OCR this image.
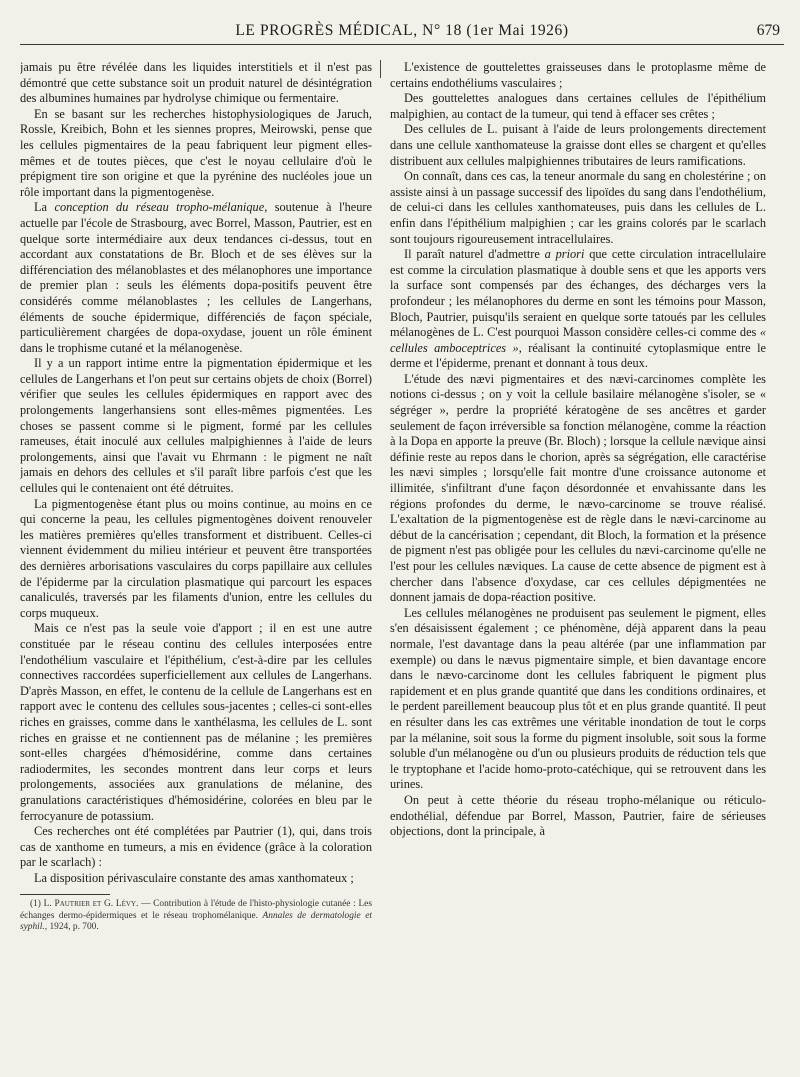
LE PROGRÈS MÉDICAL, N° 18 (1er Mai 1926)	679

jamais pu être révélée dans les liquides interstitiels et il n'est pas démontré que cette substance soit un produit naturel de désintégration des albumines humaines par hydrolyse chimique ou fermentaire.

En se basant sur les recherches histophysiologiques de Jaruch, Rossle, Kreibich, Bohn et les siennes propres, Meirowski, pense que les cellules pigmentaires de la peau fabriquent leur pigment elles-mêmes et de toutes pièces, que c'est le noyau cellulaire d'où le prépigment tire son origine et que la pyrénine des nucléoles joue un rôle important dans la pigmentogenèse.

La conception du réseau tropho-mélanique, soutenue à l'heure actuelle par l'école de Strasbourg, avec Borrel, Masson, Pautrier, est en quelque sorte intermédiaire aux deux tendances ci-dessus, tout en accordant aux constatations de Br. Bloch et de ses élèves sur la différenciation des mélanoblastes et des mélanophores une importance de premier plan : seuls les éléments dopa-positifs peuvent être considérés comme mélanoblastes ; les cellules de Langerhans, éléments de souche épidermique, différenciés de façon spéciale, particulièrement chargées de dopa-oxydase, jouent un rôle éminent dans le trophisme cutané et la mélanogenèse.

Il y a un rapport intime entre la pigmentation épidermique et les cellules de Langerhans et l'on peut sur certains objets de choix (Borrel) vérifier que seules les cellules épidermiques en rapport avec des prolongements langerhansiens sont elles-mêmes pigmentées. Les choses se passent comme si le pigment, formé par les cellules rameuses, était inoculé aux cellules malpighiennes à l'aide de leurs prolongements, ainsi que l'avait vu Ehrmann : le pigment ne naît jamais en dehors des cellules et s'il paraît libre parfois c'est que les cellules qui le contenaient ont été détruites.

La pigmentogenèse étant plus ou moins continue, au moins en ce qui concerne la peau, les cellules pigmentogènes doivent renouveler les matières premières qu'elles transforment et distribuent. Celles-ci viennent évidemment du milieu intérieur et peuvent être transportées des dernières arborisations vasculaires du corps papillaire aux cellules de l'épiderme par la circulation plasmatique qui parcourt les espaces canaliculés, traversés par les filaments d'union, entre les cellules du corps muqueux.

Mais ce n'est pas la seule voie d'apport ; il en est une autre constituée par le réseau continu des cellules interposées entre l'endothélium vasculaire et l'épithélium, c'est-à-dire par les cellules connectives raccordées superficiellement aux cellules de Langerhans. D'après Masson, en effet, le contenu de la cellule de Langerhans est en rapport avec le contenu des cellules sous-jacentes ; celles-ci sont-elles riches en graisses, comme dans le xanthélasma, les cellules de L. sont riches en graisse et ne contiennent pas de mélanine ; les premières sont-elles chargées d'hémosidérine, comme dans certaines radiodermites, les secondes montrent dans leur corps et leurs prolongements, associées aux granulations de mélanine, des granulations caractéristiques d'hémosidérine, colorées en bleu par le ferrocyanure de potassium.

Ces recherches ont été complétées par Pautrier (1), qui, dans trois cas de xanthome en tumeurs, a mis en évidence (grâce à la coloration par le scarlach) :

La disposition périvasculaire constante des amas xanthomateux ;

(1) L. Pautrier et G. Lévy. — Contribution à l'étude de l'histo-physiologie cutanée : Les échanges dermo-épidermiques et le réseau trophomélanique. Annales de dermatologie et syphil., 1924, p. 700.

L'existence de gouttelettes graisseuses dans le protoplasme même de certains endothéliums vasculaires ;

Des gouttelettes analogues dans certaines cellules de l'épithélium malpighien, au contact de la tumeur, qui tend à effacer ses crêtes ;

Des cellules de L. puisant à l'aide de leurs prolongements directement dans une cellule xanthomateuse la graisse dont elles se chargent et qu'elles distribuent aux cellules malpighiennes tributaires de leurs ramifications.

On connaît, dans ces cas, la teneur anormale du sang en cholestérine ; on assiste ainsi à un passage successif des lipoïdes du sang dans l'endothélium, de celui-ci dans les cellules xanthomateuses, puis dans les cellules de L. enfin dans l'épithélium malpighien ; car les grains colorés par le scarlach sont toujours rigoureusement intracellulaires.

Il paraît naturel d'admettre a priori que cette circulation intracellulaire est comme la circulation plasmatique à double sens et que les apports vers la surface sont compensés par des échanges, des décharges vers la profondeur ; les mélanophores du derme en sont les témoins pour Masson, Bloch, Pautrier, puisqu'ils seraient en quelque sorte tatoués par les cellules mélanogènes de L. C'est pourquoi Masson considère celles-ci comme des « cellules amboceptrices », réalisant la continuité cytoplasmique entre le derme et l'épiderme, prenant et donnant à tous deux.

L'étude des nævi pigmentaires et des nævi-carcinomes complète les notions ci-dessus ; on y voit la cellule basilaire mélanogène s'isoler, se « ségréger », perdre la propriété kératogène de ses ancêtres et garder seulement de façon irréversible sa fonction mélanogène, comme la réaction à la Dopa en apporte la preuve (Br. Bloch) ; lorsque la cellule nævique ainsi définie reste au repos dans le chorion, après sa ségrégation, elle caractérise les nævi simples ; lorsqu'elle fait montre d'une croissance autonome et illimitée, s'infiltrant d'une façon désordonnée et envahissante dans les régions profondes du derme, le nævo-carcinome se trouve réalisé. L'exaltation de la pigmentogenèse est de règle dans le nævi-carcinome au début de la cancérisation ; cependant, dit Bloch, la formation et la présence de pigment n'est pas obligée pour les cellules du nævi-carcinome qu'elle ne l'est pour les cellules næviques. La cause de cette absence de pigment est à chercher dans l'absence d'oxydase, car ces cellules dépigmentées ne donnent jamais de dopa-réaction positive.

Les cellules mélanogènes ne produisent pas seulement le pigment, elles s'en désaisissent également ; ce phénomène, déjà apparent dans la peau normale, l'est davantage dans la peau altérée (par une inflammation par exemple) ou dans le nævus pigmentaire simple, et bien davantage encore dans le nævo-carcinome dont les cellules fabriquent le pigment plus rapidement et en plus grande quantité que dans les conditions ordinaires, et le perdent pareillement beaucoup plus tôt et en plus grande quantité. Il peut en résulter dans les cas extrêmes une véritable inondation de tout le corps par la mélanine, soit sous la forme du pigment insoluble, soit sous la forme soluble d'un mélanogène ou d'un ou plusieurs produits de réduction tels que le tryptophane et l'acide homo-proto-catéchique, qui se retrouvent dans les urines.

On peut à cette théorie du réseau tropho-mélanique ou réticulo-endothélial, défendue par Borrel, Masson, Pautrier, faire de sérieuses objections, dont la principale, à
